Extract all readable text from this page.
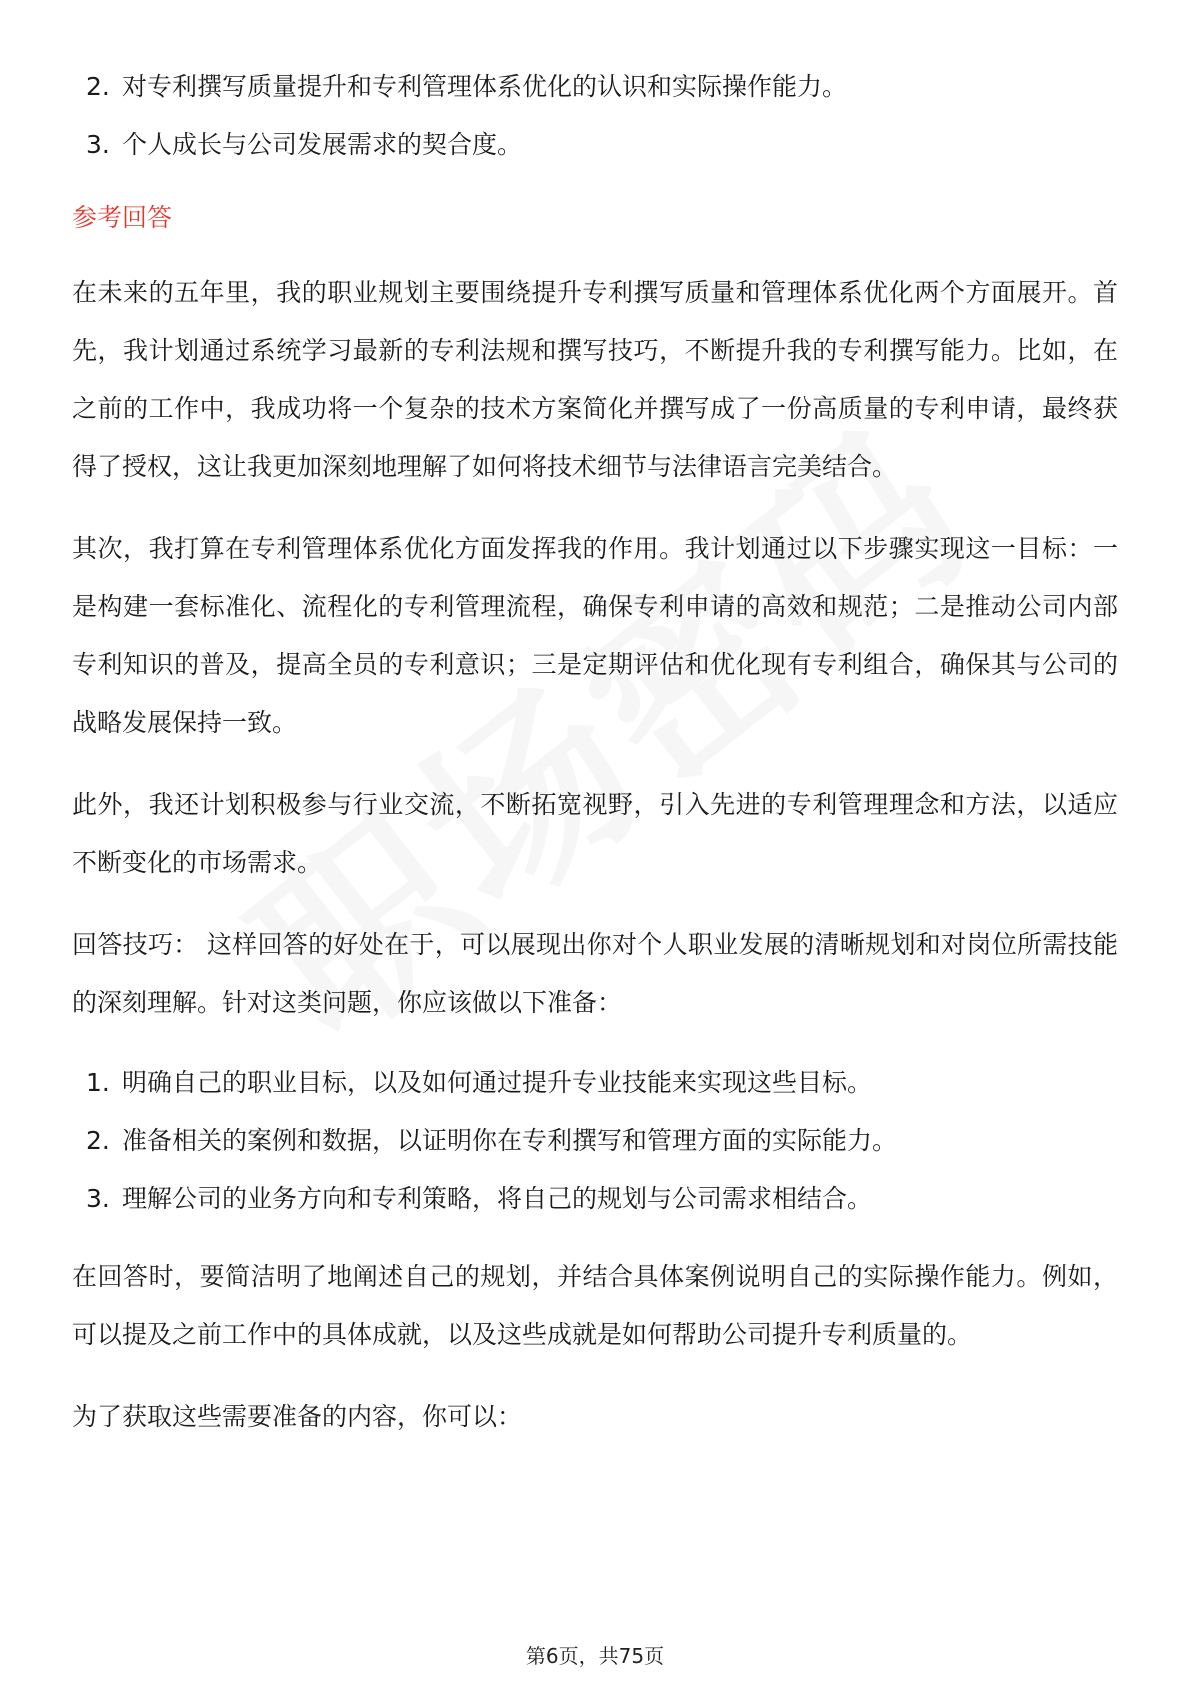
2. 对专利撰写质量提升和专利管理体系优化的认识和实际操作能力。
3. 个人成长与公司发展需求的契合度。
参考回答

在未来的五年里，我的职业规划主要围绕提升专利撰写质量和管理体系优化两个方面展开。首先，我计划通过系统学习最新的专利法规和撰写技巧，不断提升我的专利撰写能力。比如，在之前的工作中，我成功将一个复杂的技术方案简化并撰写成了一份高质量的专利申请，最终获得了授权，这让我更加深刻地理解了如何将技术细节与法律语言完美结合。

其次，我打算在专利管理体系优化方面发挥我的作用。我计划通过以下步骤实现这一目标：一是构建一套标准化、流程化的专利管理流程，确保专利申请的高效和规范；二是推动公司内部专利知识的普及，提高全员的专利意识；三是定期评估和优化现有专利组合，确保其与公司的战略发展保持一致。

此外，我还计划积极参与行业交流，不断拓宽视野，引入先进的专利管理理念和方法，以适应不断变化的市场需求。

回答技巧： 这样回答的好处在于，可以展现出你对个人职业发展的清晰规划和对岗位所需技能的深刻理解。针对这类问题，你应该做以下准备：

1. 明确自己的职业目标，以及如何通过提升专业技能来实现这些目标。
2. 准备相关的案例和数据，以证明你在专利撰写和管理方面的实际能力。
3. 理解公司的业务方向和专利策略，将自己的规划与公司需求相结合。

在回答时，要简洁明了地阐述自己的规划，并结合具体案例说明自己的实际操作能力。例如，可以提及之前工作中的具体成就，以及这些成就是如何帮助公司提升专利质量的。

为了获取这些需要准备的内容，你可以：

第6页，共75页
